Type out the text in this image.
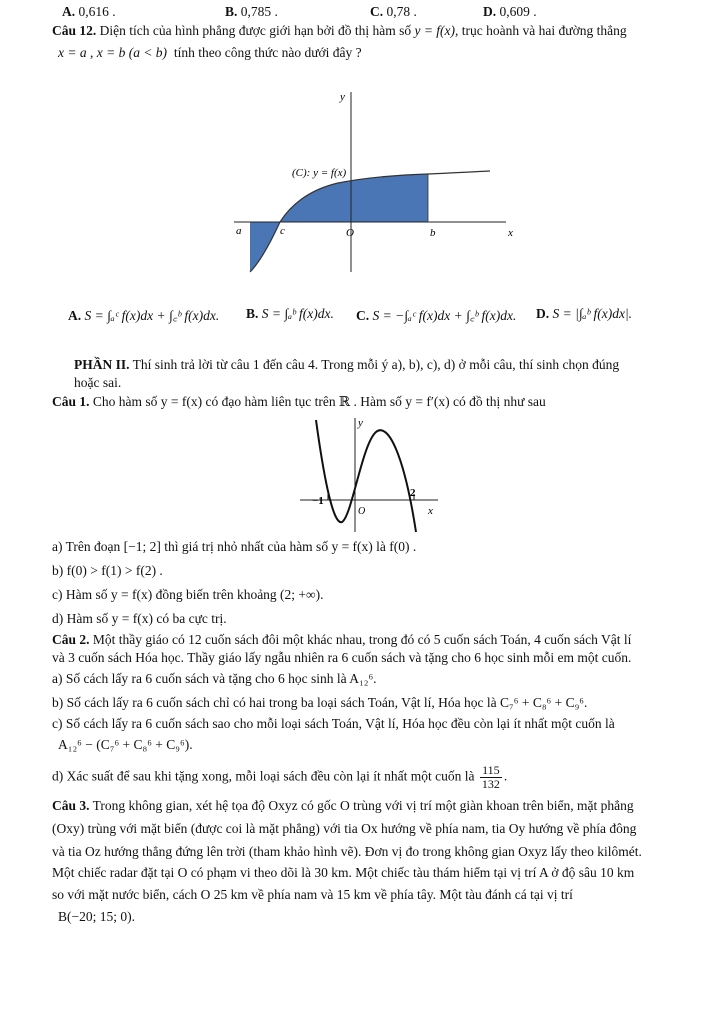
A. 0,616 .	B. 0,785 .	C. 0,78 .	D. 0,609 .
Câu 12. Diện tích của hình phẳng được giới hạn bởi đồ thị hàm số y = f(x), trục hoành và hai đường thẳng
x = a , x = b (a < b) tính theo công thức nào dưới đây ?
y
x
(C): y = f(x)
a	c	O	b
A. S = ∫ₐᶜ f(x)dx + ∫꜀ᵇ f(x)dx. B. S = ∫ₐᵇ f(x)dx. C. S = −∫ₐᶜ f(x)dx + ∫꜀ᵇ f(x)dx. D. S = |∫ₐᵇ f(x)dx|.
PHẦN II. Thí sinh trả lời từ câu 1 đến câu 4. Trong mỗi ý a), b), c), d) ở mỗi câu, thí sinh chọn đúng
hoặc sai.
Câu 1. Cho hàm số y = f(x) có đạo hàm liên tục trên ℝ . Hàm số y = f′(x) có đồ thị như sau
y
x
O
−1
2
a) Trên đoạn [−1; 2] thì giá trị nhỏ nhất của hàm số y = f(x) là f(0) .
b) f(0) > f(1) > f(2) .
c) Hàm số y = f(x) đồng biến trên khoảng (2; +∞).
d) Hàm số y = f(x) có ba cực trị.
Câu 2. Một thầy giáo có 12 cuốn sách đôi một khác nhau, trong đó có 5 cuốn sách Toán, 4 cuốn sách Vật lí
và 3 cuốn sách Hóa học. Thầy giáo lấy ngẫu nhiên ra 6 cuốn sách và tặng cho 6 học sinh mỗi em một cuốn.
a) Số cách lấy ra 6 cuốn sách và tặng cho 6 học sinh là A₁₂⁶.
b) Số cách lấy ra 6 cuốn sách chỉ có hai trong ba loại sách Toán, Vật lí, Hóa học là C₇⁶ + C₈⁶ + C₉⁶.
c) Số cách lấy ra 6 cuốn sách sao cho mỗi loại sách Toán, Vật lí, Hóa học đều còn lại ít nhất một cuốn là
A₁₂⁶ − (C₇⁶ + C₈⁶ + C₉⁶).
d) Xác suất để sau khi tặng xong, mỗi loại sách đều còn lại ít nhất một cuốn là $\frac{115}{132}$ .
Câu 3. Trong không gian, xét hệ tọa độ Oxyz có gốc O trùng với vị trí một giàn khoan trên biển, mặt phẳng
(Oxy) trùng với mặt biển (được coi là mặt phẳng) với tia Ox hướng về phía nam, tia Oy hướng về phía đông
và tia Oz hướng thẳng đứng lên trời (tham khảo hình vẽ). Đơn vị đo trong không gian Oxyz lấy theo kilômét.
Một chiếc radar đặt tại O có phạm vi theo dõi là 30 km. Một chiếc tàu thám hiểm tại vị trí A ở độ sâu 10 km
so với mặt nước biển, cách O 25 km về phía nam và 15 km về phía tây. Một tàu đánh cá tại vị trí
B(−20; 15; 0).
